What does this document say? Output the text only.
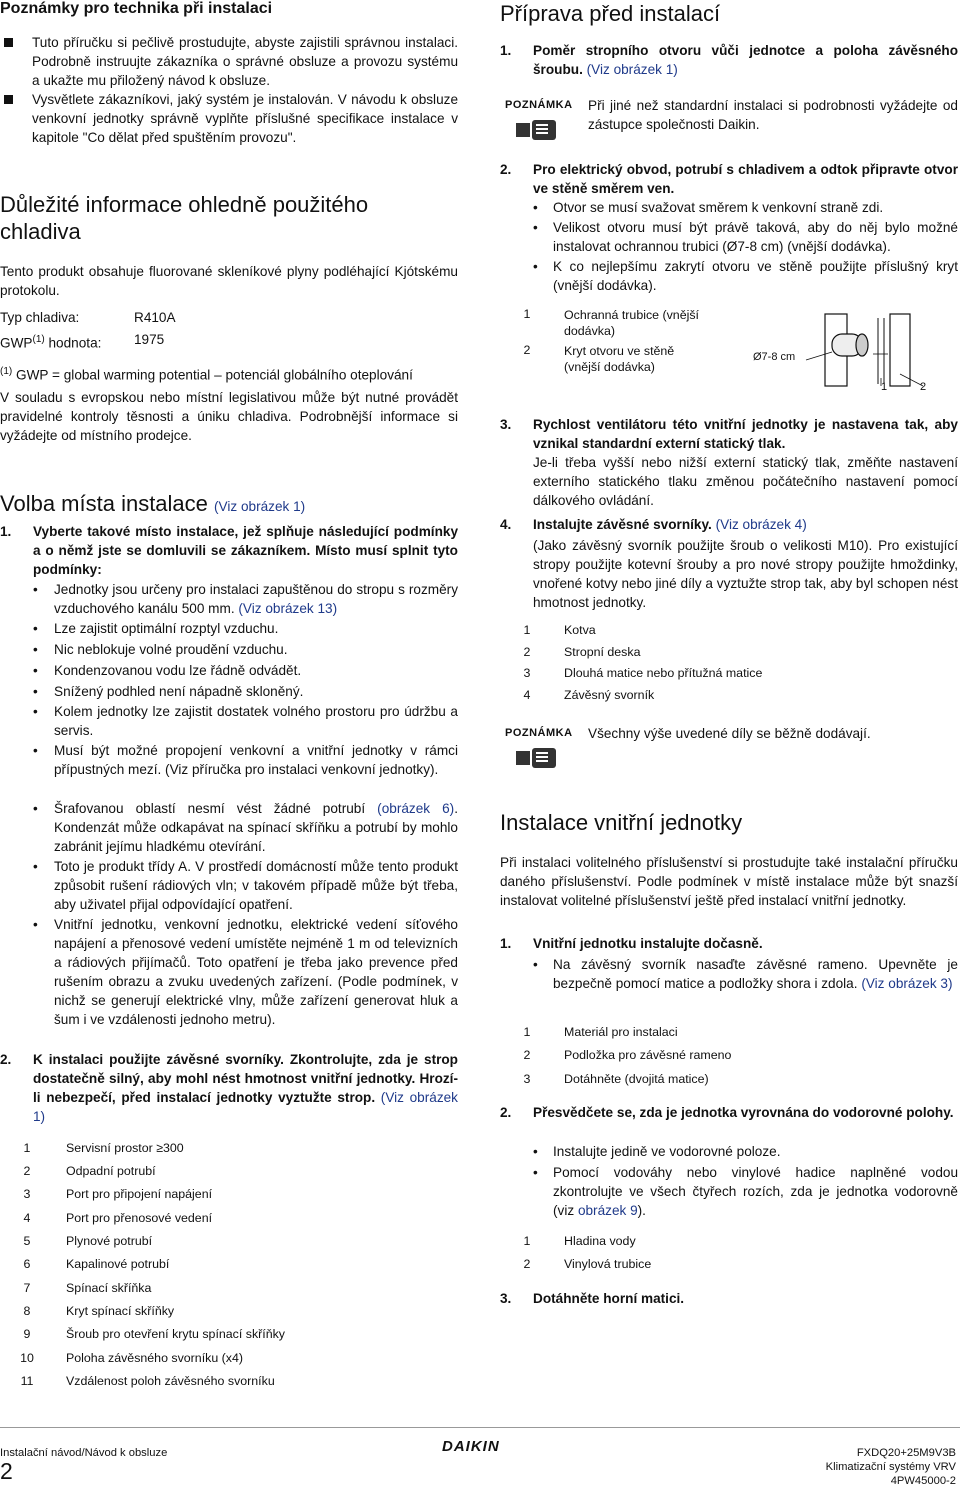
Poznámky pro technika při instalaci
Tuto příručku si pečlivě prostudujte, abyste zajistili správnou instalaci. Podrobně instruujte zákazníka o správné obsluze a provozu systému a ukažte mu přiložený návod k obsluze.
Vysvětlete zákazníkovi, jaký systém je instalován. V návodu k obsluze venkovní jednotky správně vyplňte příslušné specifikace instalace v kapitole "Co dělat před spuštěním provozu".
Důležité informace ohledně použitého chladiva
Tento produkt obsahuje fluorované skleníkové plyny podléhající Kjótskému protokolu.
Typ chladiva:	R410A
GWP$^{(1)}$ hodnota: 1975
$^{(1)}$ GWP = global warming potential – potenciál globálního oteplování
V souladu s evropskou nebo místní legislativou může být nutné provádět pravidelné kontroly těsnosti a úniku chladiva. Podrobnější informace si vyžádejte od místního prodejce.
Volba místa instalace (Viz obrázek 1)
1. Vyberte takové místo instalace, jež splňuje následující podmínky a o němž jste se domluvili se zákazníkem. Místo musí splnit tyto podmínky:
• Jednotky jsou určeny pro instalaci zapuštěnou do stropu s rozměry vzduchového kanálu 500 mm. (Viz obrázek 13)
• Lze zajistit optimální rozptyl vzduchu.
• Nic neblokuje volné proudění vzduchu.
• Kondenzovanou vodu lze řádně odvádět.
• Snížený podhled není nápadně skloněný.
• Kolem jednotky lze zajistit dostatek volného prostoru pro údržbu a servis.
• Musí být možné propojení venkovní a vnitřní jednotky v rámci přípustných mezí. (Viz příručka pro instalaci venkovní jednotky).
• Šrafovanou oblastí nesmí vést žádné potrubí (obrázek 6). Kondenzát může odkapávat na spínací skříňku a potrubí by mohlo zabránit jejímu hladkému otevírání.
• Toto je produkt třídy A. V prostředí domácností může tento produkt způsobit rušení rádiových vln; v takovém případě může být třeba, aby uživatel přijal odpovídající opatření.
• Vnitřní jednotku, venkovní jednotku, elektrické vedení síťového napájení a přenosové vedení umístěte nejméně 1 m od televizních a rádiových přijímačů. Toto opatření je třeba jako prevence před rušením obrazu a zvuku uvedených zařízení. (Podle podmínek, v nichž se generují elektrické vlny, může zařízení generovat hluk a šum i ve vzdálenosti jednoho metru).
2. K instalaci použijte závěsné svorníky. Zkontrolujte, zda je strop dostatečně silný, aby mohl nést hmotnost vnitřní jednotky. Hrozí-li nebezpečí, před instalací jednotky vyztužte strop. (Viz obrázek 1)
1	Servisní prostor ≥300
2	Odpadní potrubí
3	Port pro připojení napájení
4	Port pro přenosové vedení
5	Plynové potrubí
6	Kapalinové potrubí
7	Spínací skříňka
8	Kryt spínací skříňky
9	Šroub pro otevření krytu spínací skříňky
10	Poloha závěsného svorníku (x4)
11	Vzdálenost poloh závěsného svorníku
Příprava před instalací
1. Poměr stropního otvoru vůči jednotce a poloha závěsného šroubu. (Viz obrázek 1)
POZNÁMKA Při jiné než standardní instalaci si podrobnosti vyžádejte od zástupce společnosti Daikin.
2. Pro elektrický obvod, potrubí s chladivem a odtok připravte otvor ve stěně směrem ven.
• Otvor se musí svažovat směrem k venkovní straně zdi.
• Velikost otvoru musí být právě taková, aby do něj bylo možné instalovat ochrannou trubici (Ø7-8 cm) (vnější dodávka).
• K co nejlepšímu zakrytí otvoru ve stěně použijte příslušný kryt (vnější dodávka).
1	Ochranná trubice (vnější
dodávka)
2	Kryt otvoru ve stěně
(vnější dodávka)
Ø7-8 cm
1	2
3. Rychlost ventilátoru této vnitřní jednotky je nastavena tak, aby vznikal standardní externí statický tlak.
Je-li třeba vyšší nebo nižší externí statický tlak, změňte nastavení externího statického tlaku změnou počátečního nastavení pomocí dálkového ovládání.
4. Instalujte závěsné svorníky. (Viz obrázek 4)
(Jako závěsný svorník použijte šroub o velikosti M10). Pro existující stropy použijte kotevní šrouby a pro nové stropy použijte hmoždinky, vnořené kotvy nebo jiné díly a vyztužte strop tak, aby byl schopen nést hmotnost jednotky.
1	Kotva
2	Stropní deska
3	Dlouhá matice nebo přítužná matice
4	Závěsný svorník
POZNÁMKA Všechny výše uvedené díly se běžně dodávají.
Instalace vnitřní jednotky
Při instalaci volitelného příslušenství si prostudujte také instalační příručku daného příslušenství. Podle podmínek v místě instalace může být snazší instalovat volitelné příslušenství ještě před instalací vnitřní jednotky.
1. Vnitřní jednotku instalujte dočasně.
• Na závěsný svorník nasaďte závěsné rameno. Upevněte je bezpečně pomocí matice a podložky shora i zdola. (Viz obrázek 3)
1	Materiál pro instalaci
2	Podložka pro závěsné rameno
3	Dotáhněte (dvojitá matice)
2. Přesvědčete se, zda je jednotka vyrovnána do vodorovné polohy.
• Instalujte jedině ve vodorovné poloze.
• Pomocí vodováhy nebo vinylové hadice naplněné vodou zkontrolujte ve všech čtyřech rozích, zda je jednotka vodorovně (viz obrázek 9).
1	Hladina vody
2	Vinylová trubice
3. Dotáhněte horní matici.
Instalační návod/Návod k obsluze
2
DAIKIN	FXDQ20+25M9V3B
Klimatizační systémy VRV
4PW45000-2
